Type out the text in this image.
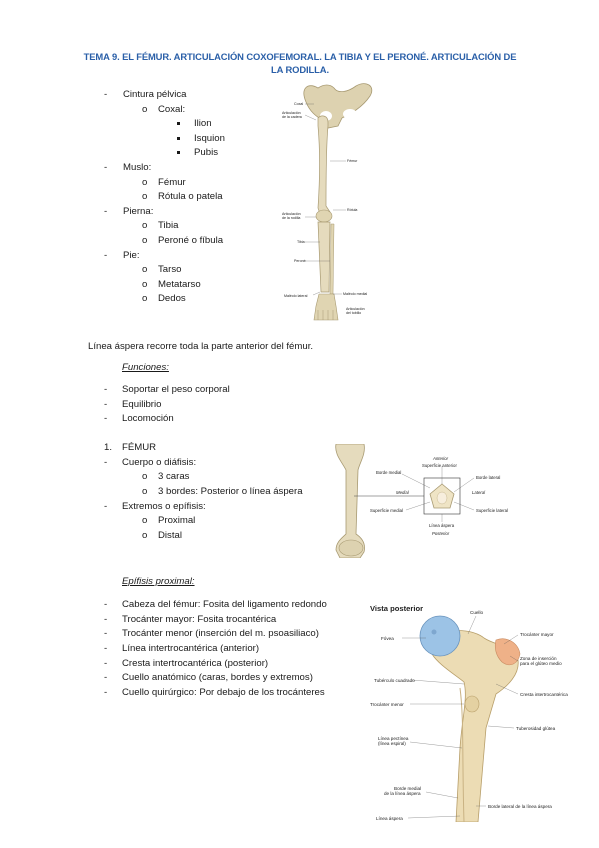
TEMA 9. EL FÉMUR. ARTICULACIÓN COXOFEMORAL. LA TIBIA Y EL PERONÉ. ARTICULACIÓN DE
LA RODILLA.
- Cintura pélvica
o Coxal:
Ilion
Isquion
Pubis
- Muslo:
o Fémur
o Rótula o patela
- Pierna:
o Tibia
o Peroné o fíbula
- Pie:
o Tarso
o Metatarso
o Dedos
Coxal
Articulación
de la cadera
Fémur
Articulación
de la rodilla
Rótula
Tibia
Peroné
Maléolo lateral	Maléolo medial
Articulación
del tobillo
Línea áspera recorre toda la parte anterior del fémur.
Funciones:
- Soportar el peso corporal
- Equilibrio
- Locomoción
1. FÉMUR
- Cuerpo o diáfisis:
o 3 caras
o 3 bordes: Posterior o línea áspera
- Extremos o epífisis:
o Proximal
o Distal
Anterior
Superficie anterior
Borde medial
Borde lateral
Medial	Lateral
Superficie medial	Superficie lateral
Línea áspera
Posterior
Epífisis proximal:
- Cabeza del fémur: Fosita del ligamento redondo
- Trocánter mayor: Fosita trocantérica
- Trocánter menor (inserción del m. psoasiliaco)
- Línea intertrocantérica (anterior)
- Cresta intertrocantérica (posterior)
- Cuello anatómico (caras, bordes y extremos)
- Cuello quirúrgico: Por debajo de los trocánteres
Vista posterior	Cuello
Fóvea
Trocánter mayor
Zona de inserción
para el glúteo medio
Tubérculo cuadrado
Cresta intertrocantérica
Trocánter menor
Tuberosidad glútea
Línea pectínea
(línea espiral)
Borde medial
de la línea áspera
Borde lateral de la línea áspera
Línea áspera
